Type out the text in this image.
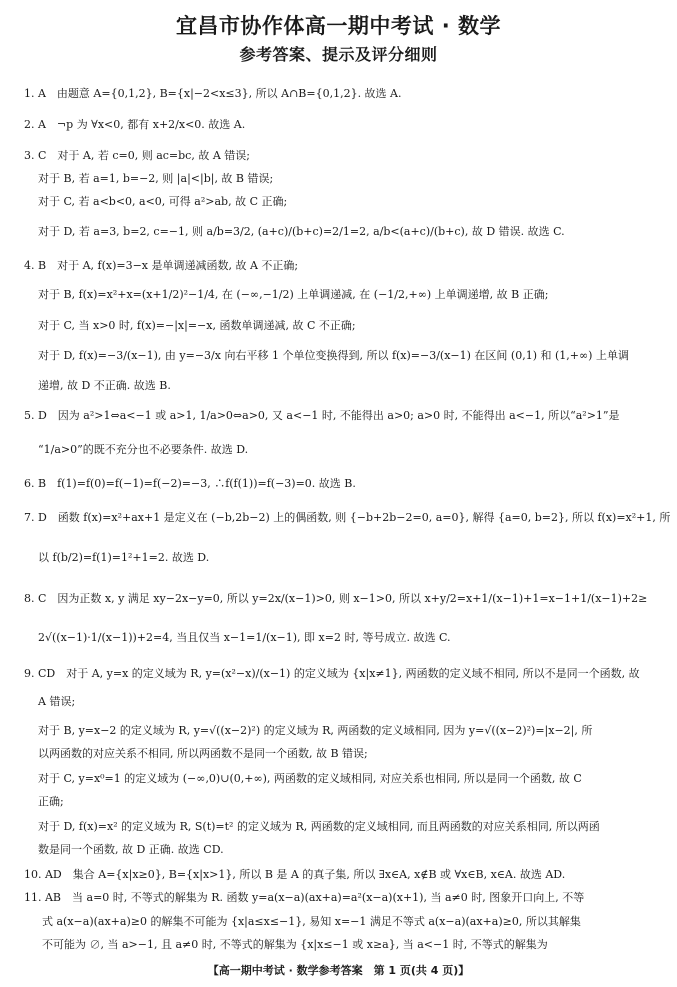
宜昌市协作体高一期中考试 · 数学
参考答案、提示及评分细则
1. A　由题意 A={0,1,2}, B={x|−2<x≤3}, 所以 A∩B={0,1,2}. 故选 A.
2. A　¬p 为 ∀x<0, 都有 x+2/x<0. 故选 A.
3. C　对于 A, 若 c=0, 则 ac=bc, 故 A 错误;
对于 B, 若 a=1, b=−2, 则 |a|<|b|, 故 B 错误;
对于 C, 若 a<b<0, a<0, 可得 a²>ab, 故 C 正确;
对于 D, 若 a=3, b=2, c=−1, 则 a/b=3/2, (a+c)/(b+c)=2/1=2, a/b<(a+c)/(b+c), 故 D 错误. 故选 C.
4. B　对于 A, f(x)=3−x 是单调递减函数, 故 A 不正确;
对于 B, f(x)=x²+x=(x+1/2)²−1/4, 在 (−∞,−1/2) 上单调递减, 在 (−1/2,+∞) 上单调递增, 故 B 正确;
对于 C, 当 x>0 时, f(x)=−|x|=−x, 函数单调递减, 故 C 不正确;
对于 D, f(x)=−3/(x−1), 由 y=−3/x 向右平移 1 个单位变换得到, 所以 f(x)=−3/(x−1) 在区间 (0,1) 和 (1,+∞) 上单调
递增, 故 D 不正确. 故选 B.
5. D　因为 a²>1⇔a<−1 或 a>1, 1/a>0⇔a>0, 又 a<−1 时, 不能得出 a>0; a>0 时, 不能得出 a<−1, 所以“a²>1”是
“1/a>0”的既不充分也不必要条件. 故选 D.
6. B　f(1)=f(0)=f(−1)=f(−2)=−3, ∴f(f(1))=f(−3)=0. 故选 B.
7. D　函数 f(x)=x²+ax+1 是定义在 (−b,2b−2) 上的偶函数, 则 {−b+2b−2=0, a=0}, 解得 {a=0, b=2}, 所以 f(x)=x²+1, 所
以 f(b/2)=f(1)=1²+1=2. 故选 D.
8. C　因为正数 x, y 满足 xy−2x−y=0, 所以 y=2x/(x−1)>0, 则 x−1>0, 所以 x+y/2=x+1/(x−1)+1=x−1+1/(x−1)+2≥
2√((x−1)·1/(x−1))+2=4, 当且仅当 x−1=1/(x−1), 即 x=2 时, 等号成立. 故选 C.
9. CD　对于 A, y=x 的定义域为 R, y=(x²−x)/(x−1) 的定义域为 {x|x≠1}, 两函数的定义域不相同, 所以不是同一个函数, 故
A 错误;
对于 B, y=x−2 的定义域为 R, y=√((x−2)²) 的定义域为 R, 两函数的定义域相同, 因为 y=√((x−2)²)=|x−2|, 所
以两函数的对应关系不相同, 所以两函数不是同一个函数, 故 B 错误;
对于 C, y=x⁰=1 的定义域为 (−∞,0)∪(0,+∞), 两函数的定义域相同, 对应关系也相同, 所以是同一个函数, 故 C
正确;
对于 D, f(x)=x² 的定义域为 R, S(t)=t² 的定义域为 R, 两函数的定义域相同, 而且两函数的对应关系相同, 所以两函
数是同一个函数, 故 D 正确. 故选 CD.
10. AD　集合 A={x|x≥0}, B={x|x>1}, 所以 B 是 A 的真子集, 所以 ∃x∈A, x∉B 或 ∀x∈B, x∈A. 故选 AD.
11. AB　当 a=0 时, 不等式的解集为 R. 函数 y=a(x−a)(ax+a)=a²(x−a)(x+1), 当 a≠0 时, 图象开口向上, 不等
式 a(x−a)(ax+a)≥0 的解集不可能为 {x|a≤x≤−1}, 易知 x=−1 满足不等式 a(x−a)(ax+a)≥0, 所以其解集
不可能为 ∅, 当 a>−1, 且 a≠0 时, 不等式的解集为 {x|x≤−1 或 x≥a}, 当 a<−1 时, 不等式的解集为
【高一期中考试 · 数学参考答案　第 1 页(共 4 页)】
